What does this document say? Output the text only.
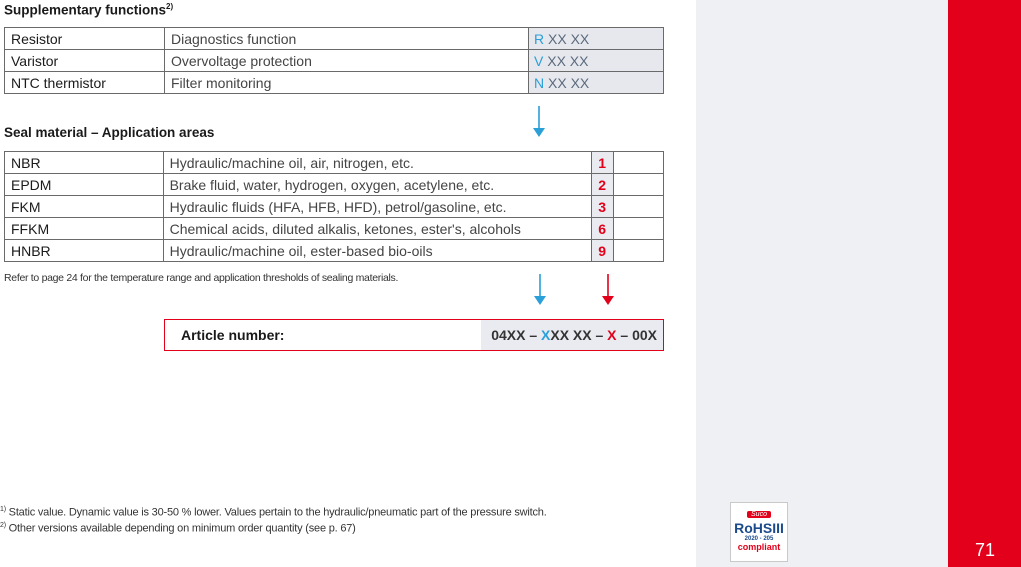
71
Supplementary functions$^{2)}$
Resistor	Diagnostics function	R XX XX
Varistor	Overvoltage protection	V XX XX
NTC thermistor	Filter monitoring	N XX XX
Seal material – Application areas
NBR	Hydraulic/machine oil, air, nitrogen, etc.	1	
EPDM	Brake fluid, water, hydrogen, oxygen, acetylene, etc.	2	
FKM	Hydraulic fluids (HFA, HFB, HFD), petrol/gasoline, etc.	3	
FFKM	Chemical acids, diluted alkalis, ketones, ester's, alcohols	6	
HNBR	Hydraulic/machine oil, ester-based bio-oils	9	
Refer to page 24 for the temperature range and application thresholds of sealing materials.
Article number:	04XX – XXX XX – X – 00X
$^{1)}$ Static value. Dynamic value is 30-50 % lower. Values pertain to the hydraulic/pneumatic part of the pressure switch.
$^{2)}$ Other versions available depending on minimum order quantity (see p. 67)
Suco
RoHSIII
2020 - 205
compliant
